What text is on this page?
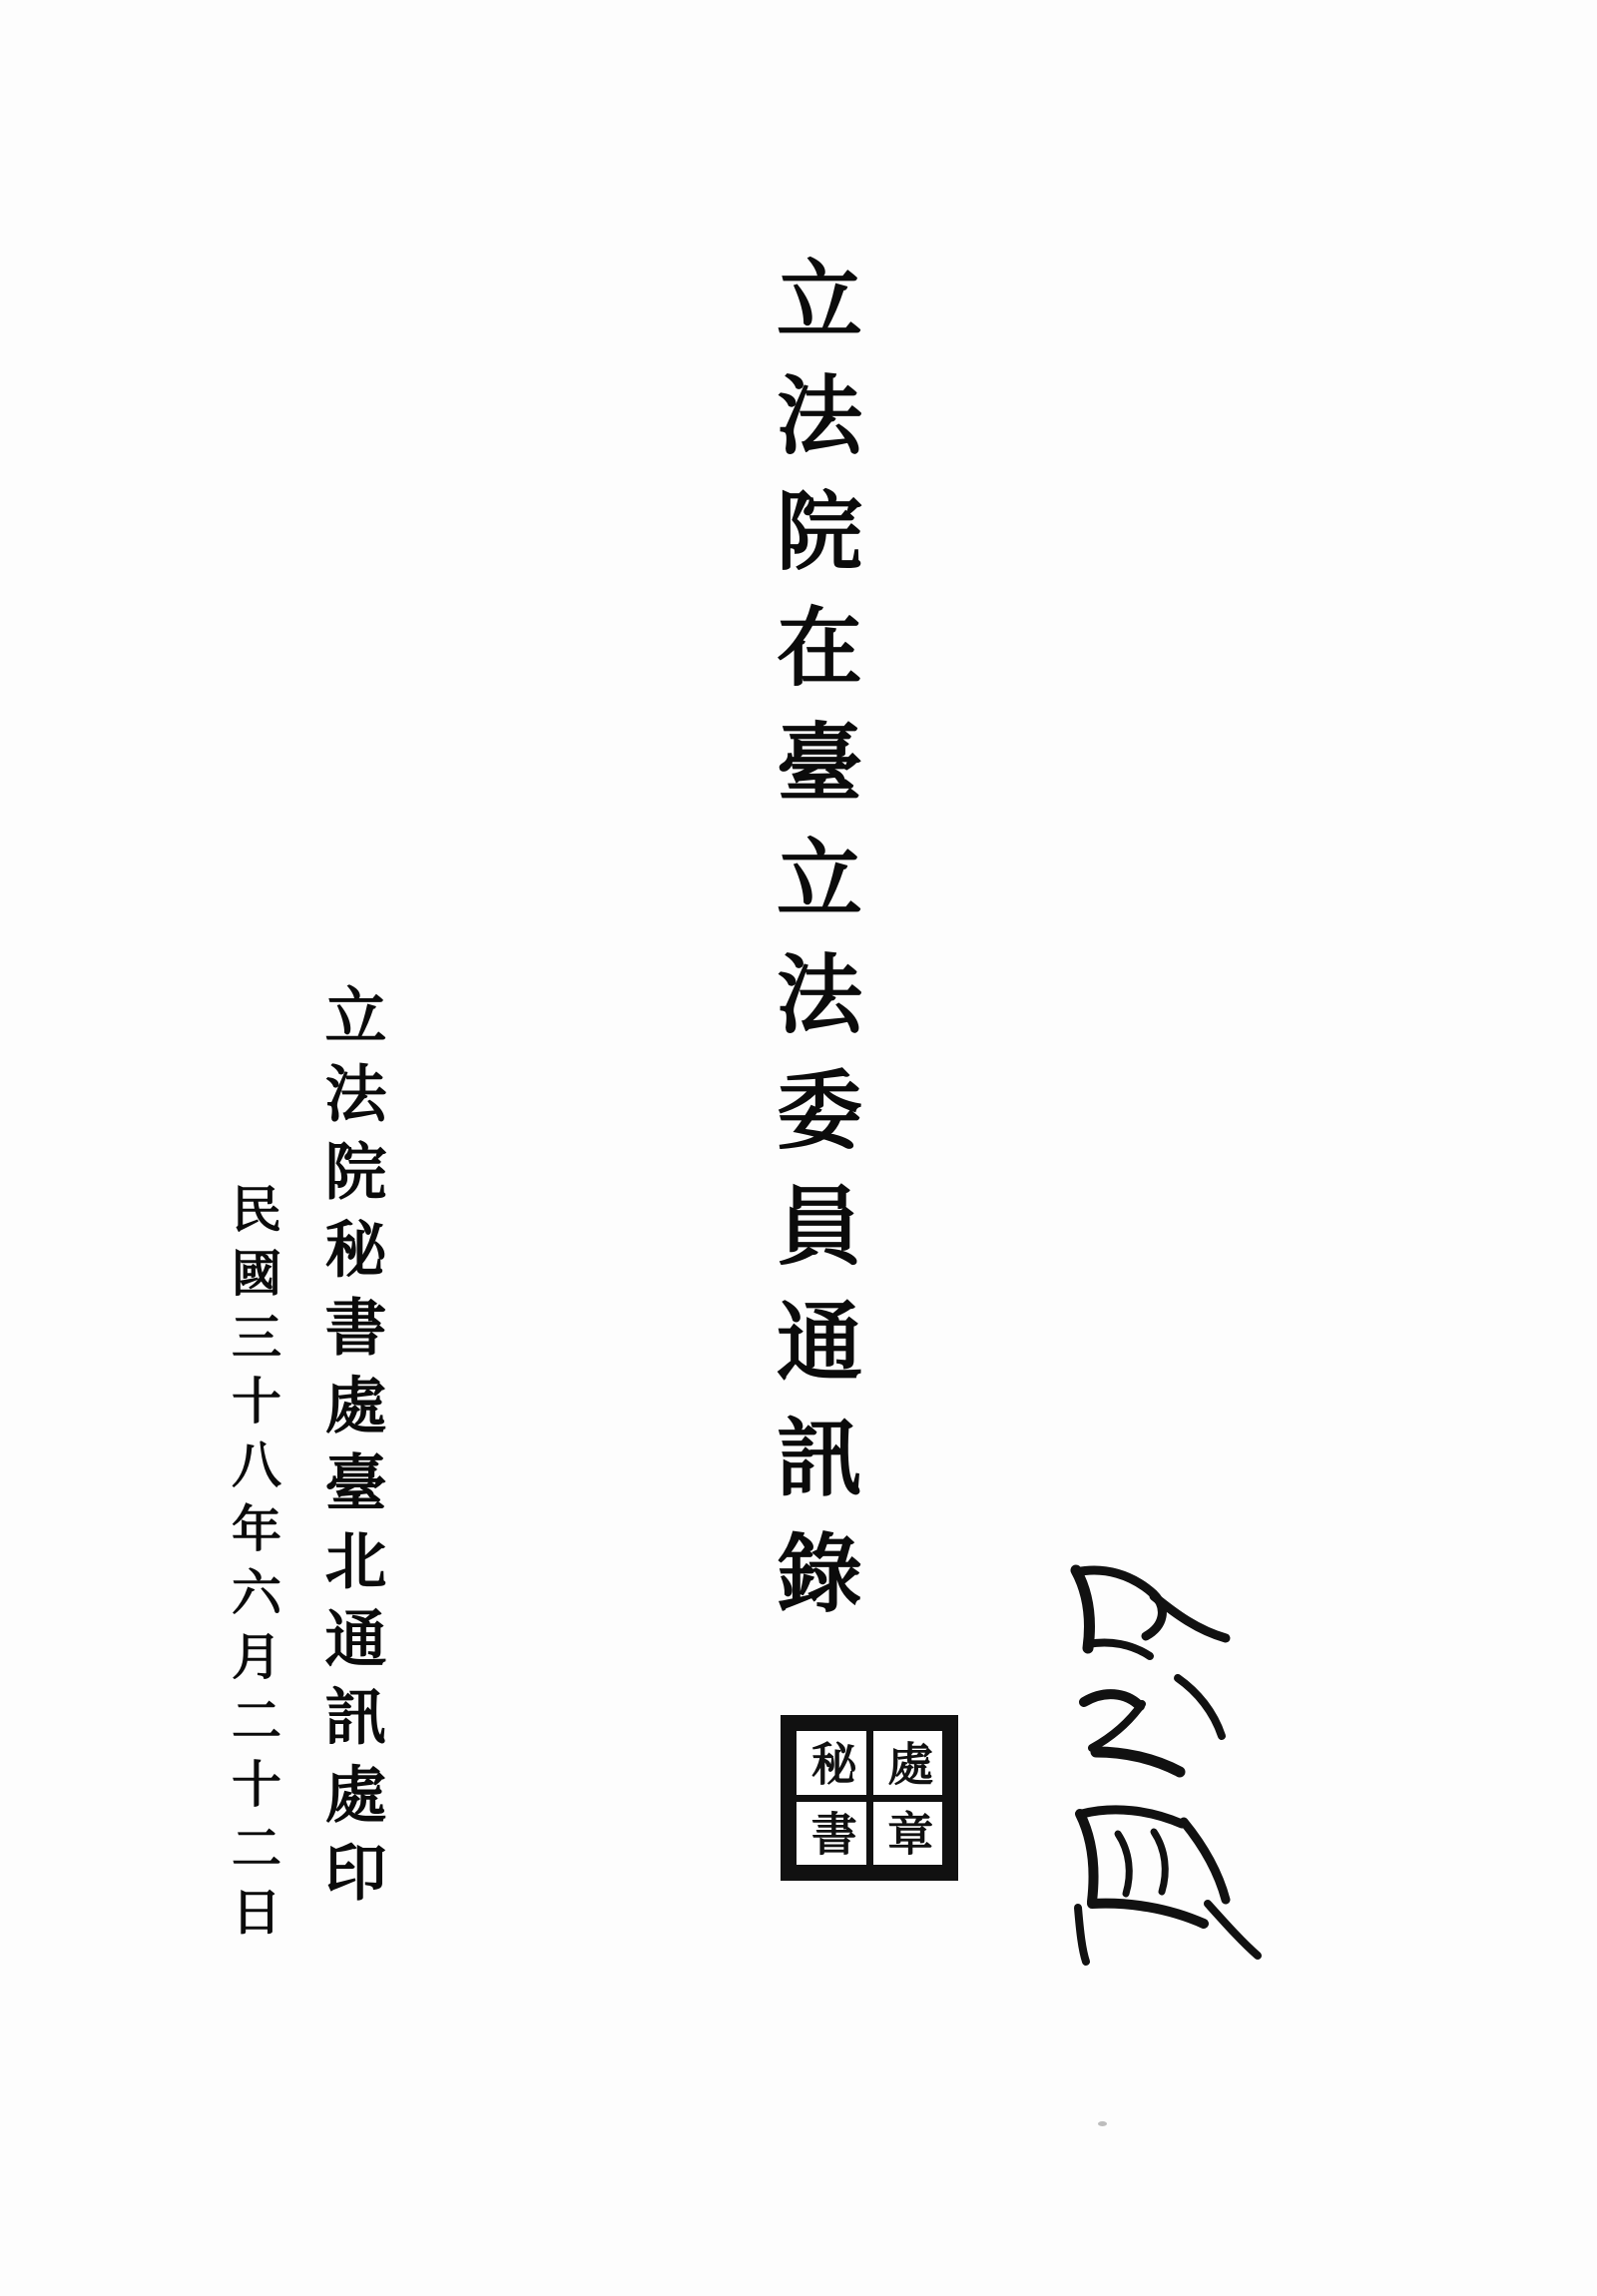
立法院在臺立法委員通訊錄
立法院秘書處臺北通訊處印
民國三十八年六月二十二日	秘
書
處
章
